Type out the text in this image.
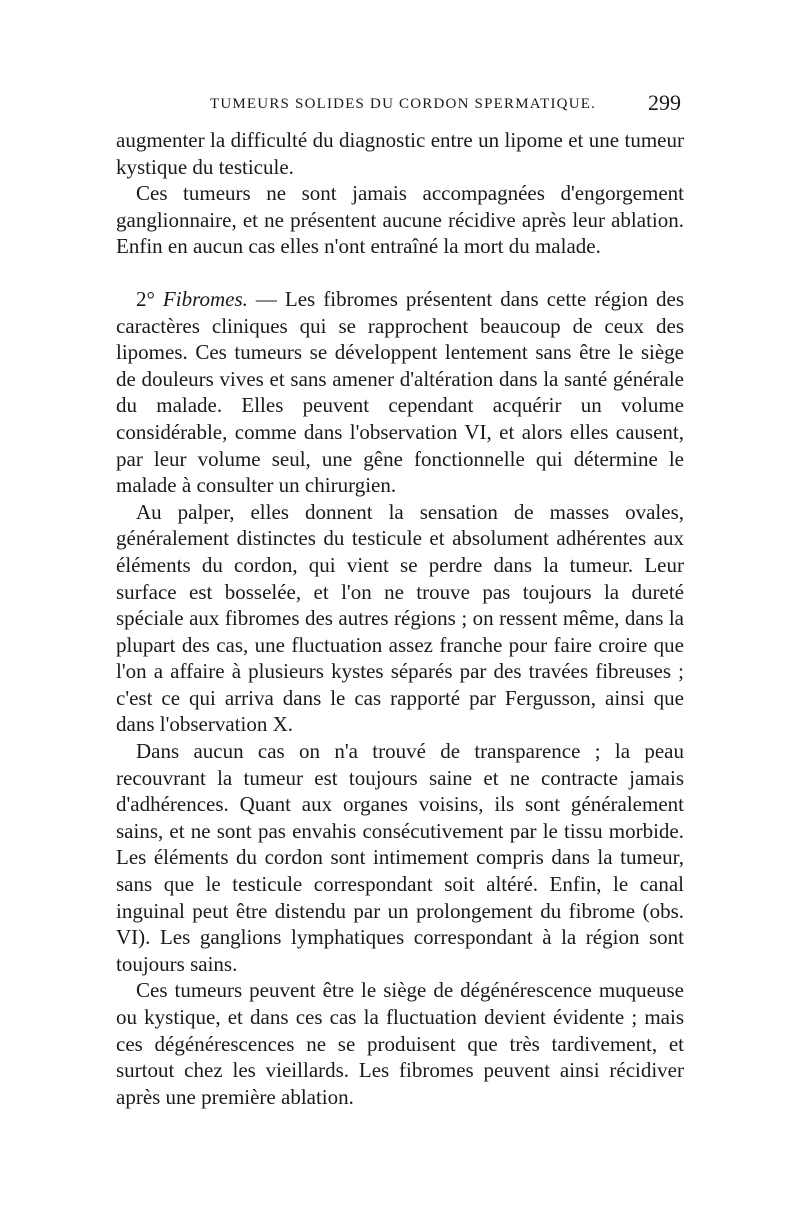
TUMEURS SOLIDES DU CORDON SPERMATIQUE. 299

augmenter la difficulté du diagnostic entre un lipome et une tumeur kystique du testicule.

Ces tumeurs ne sont jamais accompagnées d'engorgement ganglionnaire, et ne présentent aucune récidive après leur ablation. Enfin en aucun cas elles n'ont entraîné la mort du malade.

2° Fibromes. — Les fibromes présentent dans cette région des caractères cliniques qui se rapprochent beaucoup de ceux des lipomes. Ces tumeurs se développent lentement sans être le siège de douleurs vives et sans amener d'altération dans la santé générale du malade. Elles peuvent cependant acquérir un volume considérable, comme dans l'observation VI, et alors elles causent, par leur volume seul, une gêne fonctionnelle qui détermine le malade à consulter un chirurgien.

Au palper, elles donnent la sensation de masses ovales, généralement distinctes du testicule et absolument adhérentes aux éléments du cordon, qui vient se perdre dans la tumeur. Leur surface est bosselée, et l'on ne trouve pas toujours la dureté spéciale aux fibromes des autres régions ; on ressent même, dans la plupart des cas, une fluctuation assez franche pour faire croire que l'on a affaire à plusieurs kystes séparés par des travées fibreuses ; c'est ce qui arriva dans le cas rapporté par Fergusson, ainsi que dans l'observation X.

Dans aucun cas on n'a trouvé de transparence ; la peau recouvrant la tumeur est toujours saine et ne contracte jamais d'adhérences. Quant aux organes voisins, ils sont généralement sains, et ne sont pas envahis consécutivement par le tissu morbide. Les éléments du cordon sont intimement compris dans la tumeur, sans que le testicule correspondant soit altéré. Enfin, le canal inguinal peut être distendu par un prolongement du fibrome (obs. VI). Les ganglions lymphatiques correspondant à la région sont toujours sains.

Ces tumeurs peuvent être le siège de dégénérescence muqueuse ou kystique, et dans ces cas la fluctuation devient évidente ; mais ces dégénérescences ne se produisent que très tardivement, et surtout chez les vieillards. Les fibromes peuvent ainsi récidiver après une première ablation.
